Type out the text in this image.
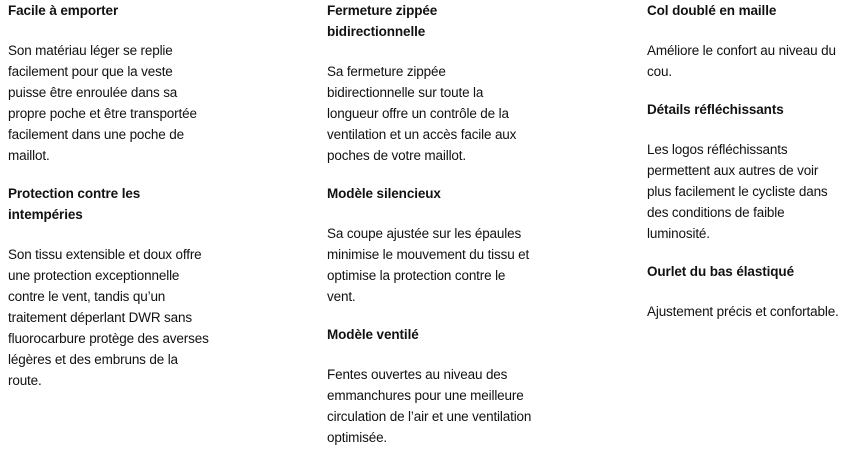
Facile à emporter
Son matériau léger se replie facilement pour que la veste puisse être enroulée dans sa propre poche et être transportée facilement dans une poche de maillot.
Protection contre les intempéries
Son tissu extensible et doux offre une protection exceptionnelle contre le vent, tandis qu’un traitement déperlant DWR sans fluorocarbure protège des averses légères et des embruns de la route.
Fermeture zippée bidirectionnelle
Sa fermeture zippée bidirectionnelle sur toute la longueur offre un contrôle de la ventilation et un accès facile aux poches de votre maillot.
Modèle silencieux
Sa coupe ajustée sur les épaules minimise le mouvement du tissu et optimise la protection contre le vent.
Modèle ventilé
Fentes ouvertes au niveau des emmanchures pour une meilleure circulation de l’air et une ventilation optimisée.
Col doublé en maille
Améliore le confort au niveau du cou.
Détails réfléchissants
Les logos réfléchissants permettent aux autres de voir plus facilement le cycliste dans des conditions de faible luminosité.
Ourlet du bas élastiqué
Ajustement précis et confortable.
